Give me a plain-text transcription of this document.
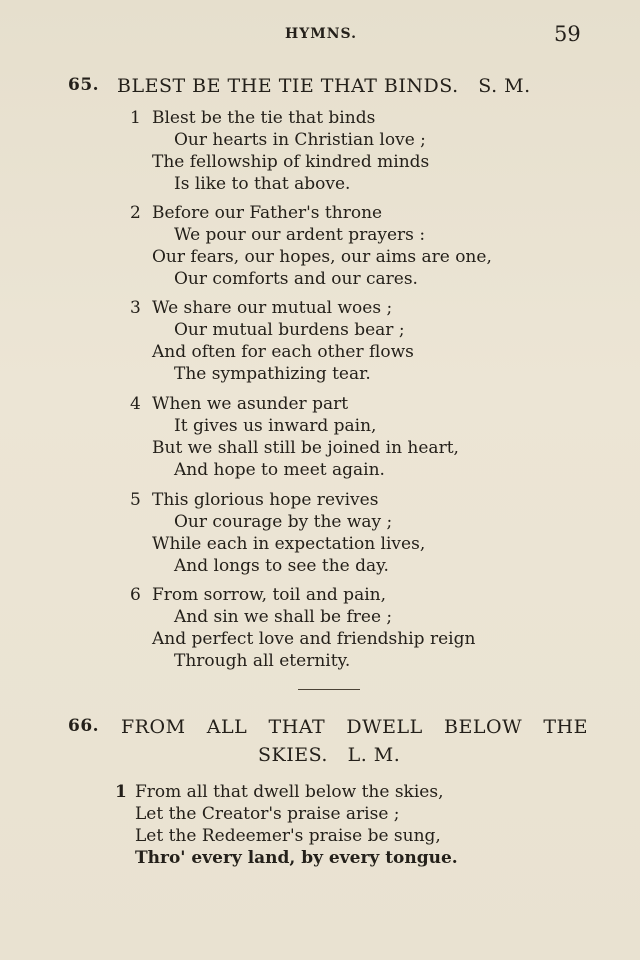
HYMNS.	59
65. BLEST BE THE TIE THAT BINDS.   S. M.
1 Blest be the tie that binds
Our hearts in Christian love ;
The fellowship of kindred minds
Is like to that above.
2 Before our Father's throne
We pour our ardent prayers :
Our fears, our hopes, our aims are one,
Our comforts and our cares.
3 We share our mutual woes ;
Our mutual burdens bear ;
And often for each other flows
The sympathizing tear.
4 When we asunder part
It gives us inward pain,
But we shall still be joined in heart,
And hope to meet again.
5 This glorious hope revives
Our courage by the way ;
While each in expectation lives,
And longs to see the day.
6 From sorrow, toil and pain,
And sin we shall be free ;
And perfect love and friendship reign
Through all eternity.
66. FROM ALL THAT DWELL BELOW THE
SKIES.   L. M.
1 From all that dwell below the skies,
Let the Creator's praise arise ;
Let the Redeemer's praise be sung,
Thro' every land, by every tongue.
